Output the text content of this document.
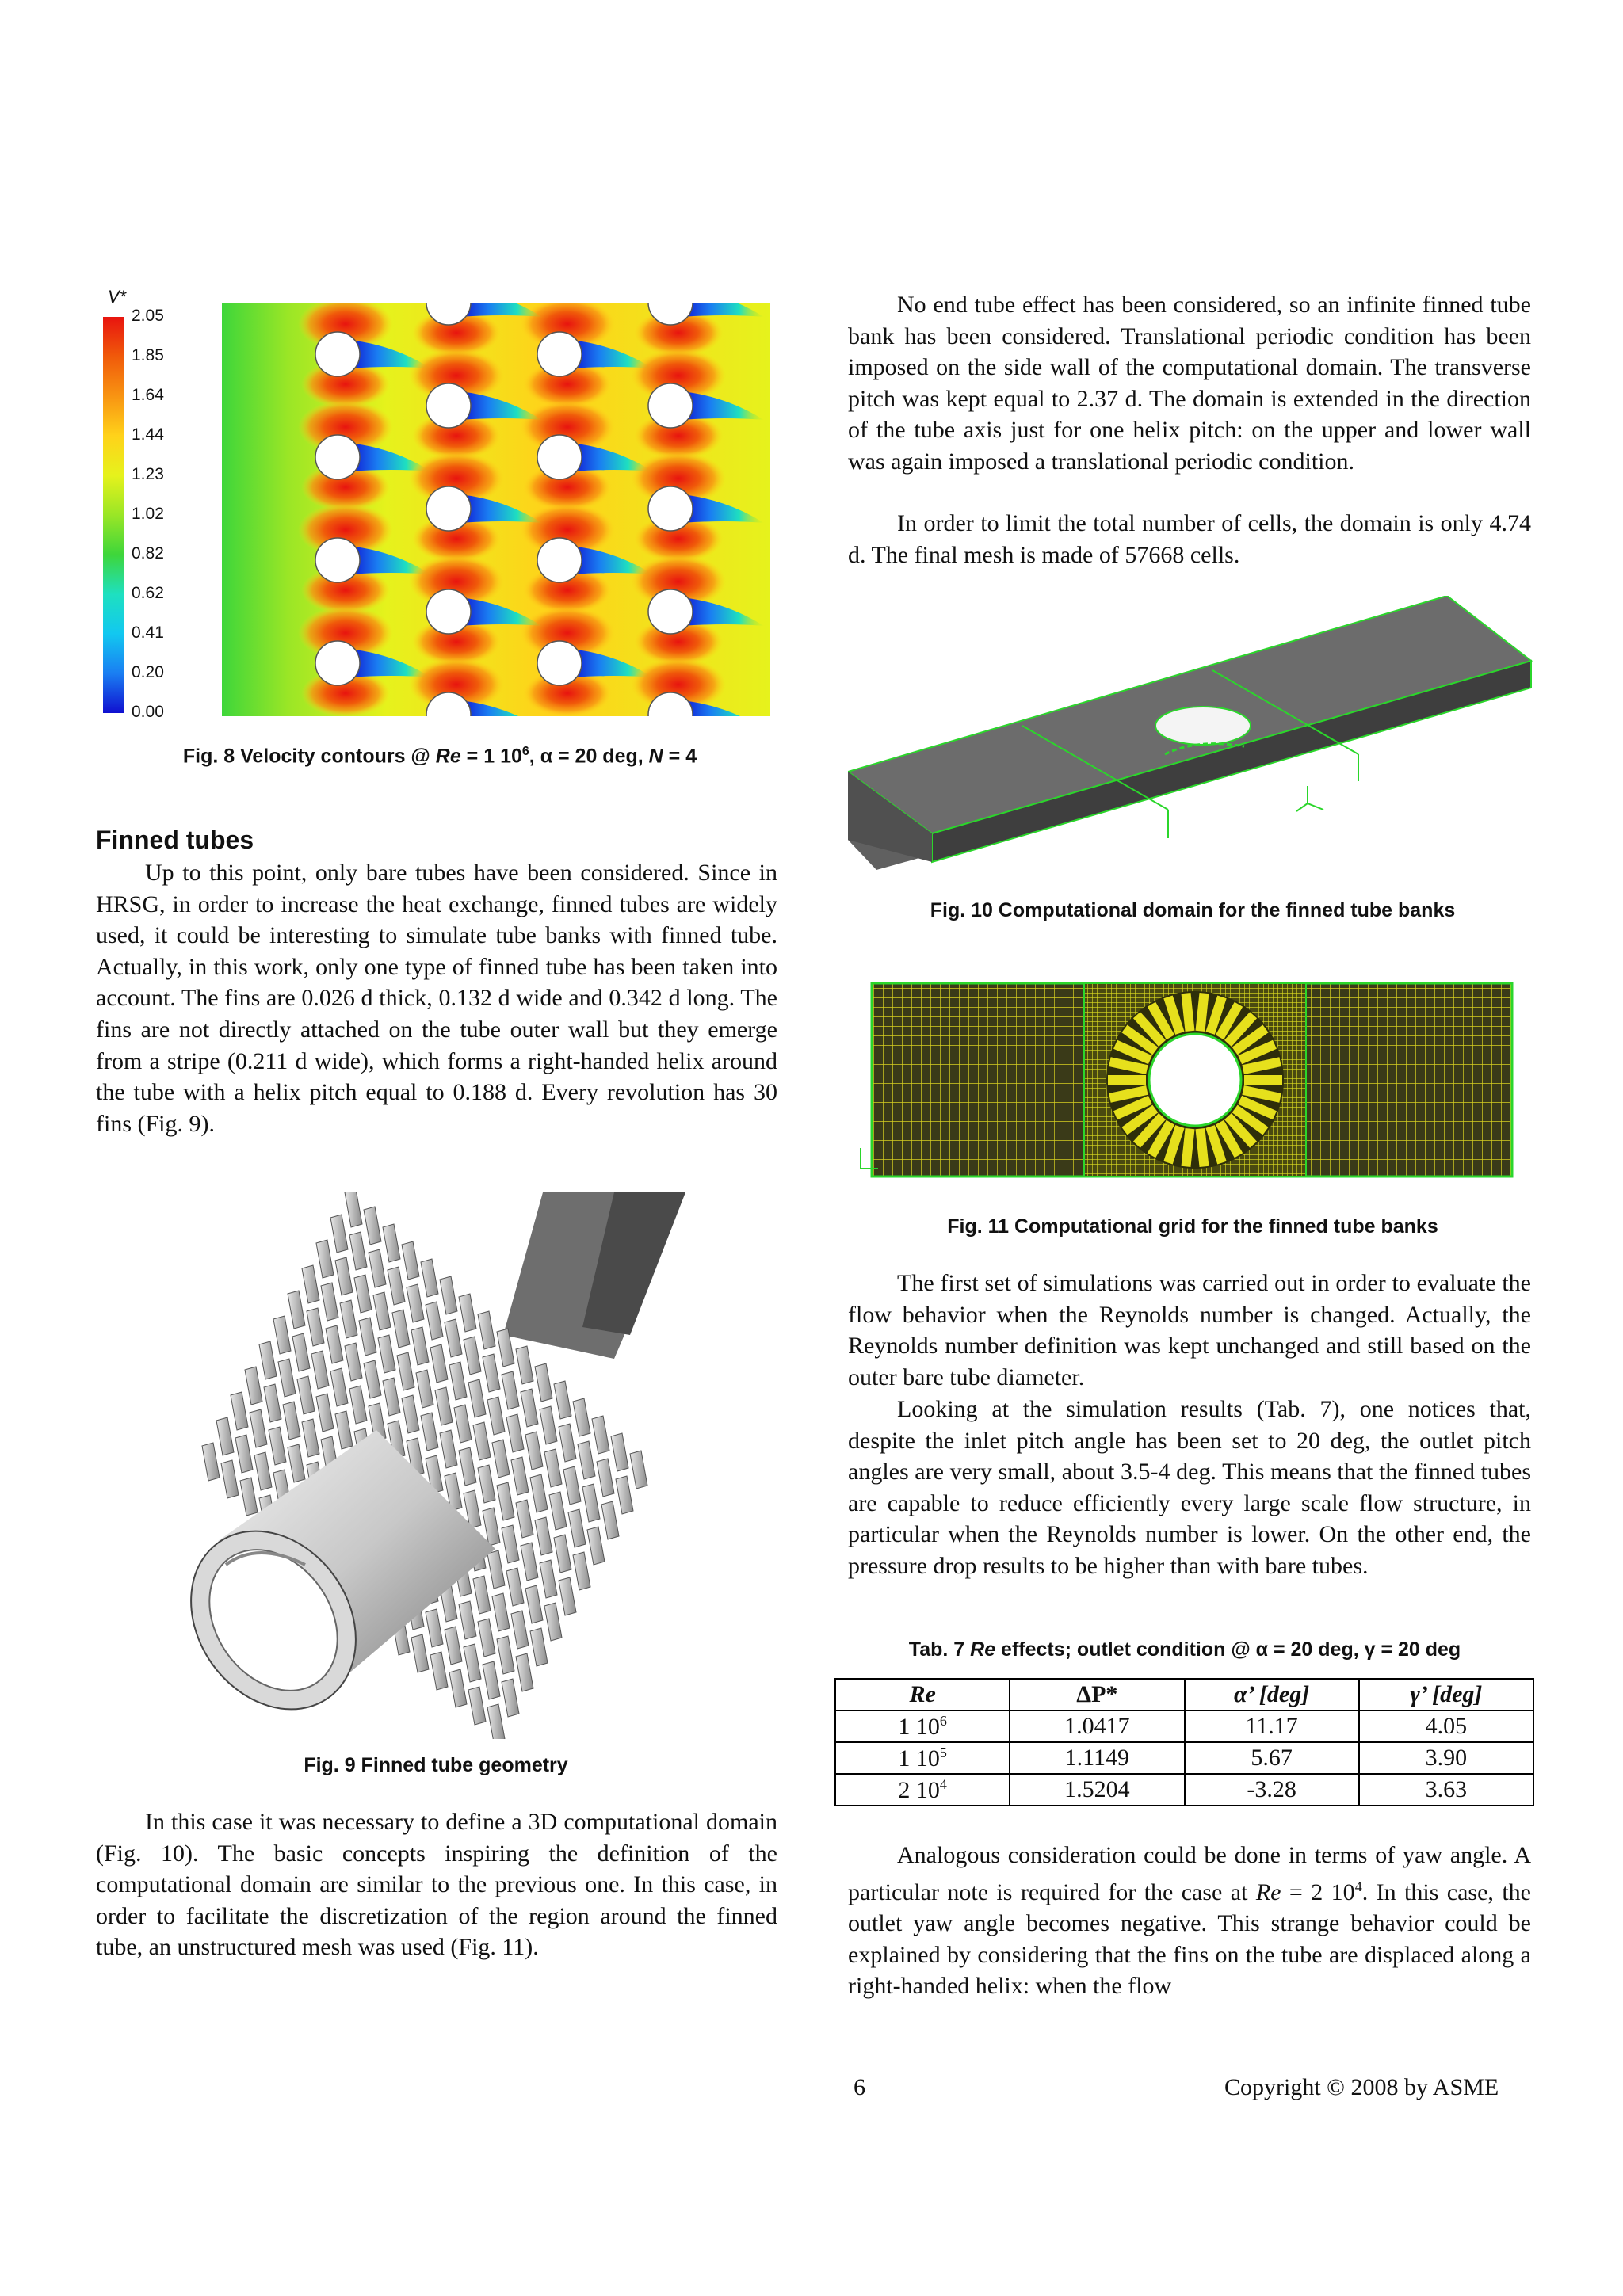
V*
2.05
1.85
1.64
1.44
1.23
1.02
0.82
0.62
0.41
0.20
0.00

Fig. 8 Velocity contours @ Re = 1 $10^6$, α = 20 deg, N = 4

Finned tubes

Up to this point, only bare tubes have been considered. Since in HRSG, in order to increase the heat exchange, finned tubes are widely used, it could be interesting to simulate tube banks with finned tube. Actually, in this work, only one type of finned tube has been taken into account. The fins are 0.026 d thick, 0.132 d wide and 0.342 d long. The fins are not directly attached on the tube outer wall but they emerge from a stripe (0.211 d wide), which forms a right-handed helix around the tube with a helix pitch equal to 0.188 d. Every revolution has 30 fins (Fig. 9).

Fig. 9 Finned tube geometry

In this case it was necessary to define a 3D computational domain (Fig. 10). The basic concepts inspiring the definition of the computational domain are similar to the previous one. In this case, in order to facilitate the discretization of the region around the finned tube, an unstructured mesh was used (Fig. 11).

No end tube effect has been considered, so an infinite finned tube bank has been considered. Translational periodic condition has been imposed on the side wall of the computational domain. The transverse pitch was kept equal to 2.37 d. The domain is extended in the direction of the tube axis just for one helix pitch: on the upper and lower wall was again imposed a translational periodic condition.

In order to limit the total number of cells, the domain is only 4.74 d. The final mesh is made of 57668 cells.

Fig. 10 Computational domain for the finned tube banks

Fig. 11 Computational grid for the finned tube banks

The first set of simulations was carried out in order to evaluate the flow behavior when the Reynolds number is changed. Actually, the Reynolds number definition was kept unchanged and still based on the outer bare tube diameter.

Looking at the simulation results (Tab. 7), one notices that, despite the inlet pitch angle has been set to 20 deg, the outlet pitch angles are very small, about 3.5-4 deg. This means that the finned tubes are capable to reduce efficiently every large scale flow structure, in particular when the Reynolds number is lower. On the other end, the pressure drop results to be higher than with bare tubes.

Tab. 7 Re effects; outlet condition @ α = 20 deg, γ = 20 deg

Re	ΔP*	α’ [deg]	γ’ [deg]
1 $10^6$	1.0417	11.17	4.05
1 $10^5$	1.1149	5.67	3.90
2 $10^4$	1.5204	-3.28	3.63

Analogous consideration could be done in terms of yaw angle. A particular note is required for the case at Re = 2 $10^4$. In this case, the outlet yaw angle becomes negative. This strange behavior could be explained by considering that the fins on the tube are displaced along a right-handed helix: when the flow

6	Copyright © 2008 by ASME
